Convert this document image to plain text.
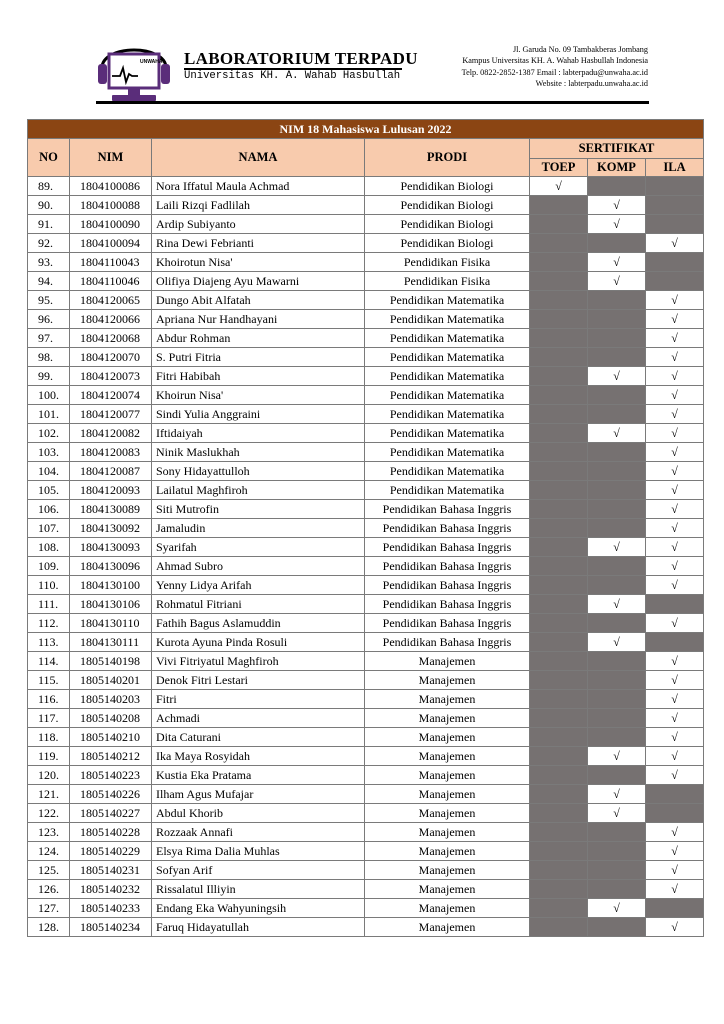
UNWAHA LABORATORIUM TERPADU
Universitas KH. A. Wahab Hasbullah
Jl. Garuda No. 09 Tambakberas Jombang
Kampus Universitas KH. A. Wahab Hasbullah Indonesia
Telp. 0822-2852-1387 Email : labterpadu@unwaha.ac.id
Website : labterpadu.unwaha.ac.id
NIM 18 Mahasiswa Lulusan 2022						
NO	NIM	NAMA	PRODI	SERTIFIKAT		
				TOEP	KOMP	ILA
89.	1804100086	Nora Iffatul Maula Achmad	Pendidikan Biologi	√		
90.	1804100088	Laili Rizqi Fadlilah	Pendidikan Biologi		√	
91.	1804100090	Ardip Subiyanto	Pendidikan Biologi		√	
92.	1804100094	Rina Dewi Febrianti	Pendidikan Biologi			√
93.	1804110043	Khoirotun Nisa'	Pendidikan Fisika		√	
94.	1804110046	Olifiya Diajeng Ayu Mawarni	Pendidikan Fisika		√	
95.	1804120065	Dungo Abit Alfatah	Pendidikan Matematika			√
96.	1804120066	Apriana Nur Handhayani	Pendidikan Matematika			√
97.	1804120068	Abdur Rohman	Pendidikan Matematika			√
98.	1804120070	S. Putri Fitria	Pendidikan Matematika			√
99.	1804120073	Fitri Habibah	Pendidikan Matematika		√	√
100.	1804120074	Khoirun Nisa'	Pendidikan Matematika			√
101.	1804120077	Sindi Yulia Anggraini	Pendidikan Matematika			√
102.	1804120082	Iftidaiyah	Pendidikan Matematika		√	√
103.	1804120083	Ninik Maslukhah	Pendidikan Matematika			√
104.	1804120087	Sony Hidayattulloh	Pendidikan Matematika			√
105.	1804120093	Lailatul Maghfiroh	Pendidikan Matematika			√
106.	1804130089	Siti Mutrofin	Pendidikan Bahasa Inggris			√
107.	1804130092	Jamaludin	Pendidikan Bahasa Inggris			√
108.	1804130093	Syarifah	Pendidikan Bahasa Inggris		√	√
109.	1804130096	Ahmad Subro	Pendidikan Bahasa Inggris			√
110.	1804130100	Yenny Lidya Arifah	Pendidikan Bahasa Inggris			√
111.	1804130106	Rohmatul Fitriani	Pendidikan Bahasa Inggris		√	
112.	1804130110	Fathih Bagus Aslamuddin	Pendidikan Bahasa Inggris			√
113.	1804130111	Kurota Ayuna Pinda Rosuli	Pendidikan Bahasa Inggris		√	
114.	1805140198	Vivi Fitriyatul Maghfiroh	Manajemen			√
115.	1805140201	Denok Fitri Lestari	Manajemen			√
116.	1805140203	Fitri	Manajemen			√
117.	1805140208	Achmadi	Manajemen			√
118.	1805140210	Dita Caturani	Manajemen			√
119.	1805140212	Ika Maya Rosyidah	Manajemen		√	√
120.	1805140223	Kustia Eka Pratama	Manajemen			√
121.	1805140226	Ilham Agus Mufajar	Manajemen		√	
122.	1805140227	Abdul Khorib	Manajemen		√	
123.	1805140228	Rozzaak Annafi	Manajemen			√
124.	1805140229	Elsya Rima Dalia Muhlas	Manajemen			√
125.	1805140231	Sofyan Arif	Manajemen			√
126.	1805140232	Rissalatul Illiyin	Manajemen			√
127.	1805140233	Endang Eka Wahyuningsih	Manajemen		√	
128.	1805140234	Faruq Hidayatullah	Manajemen			√
